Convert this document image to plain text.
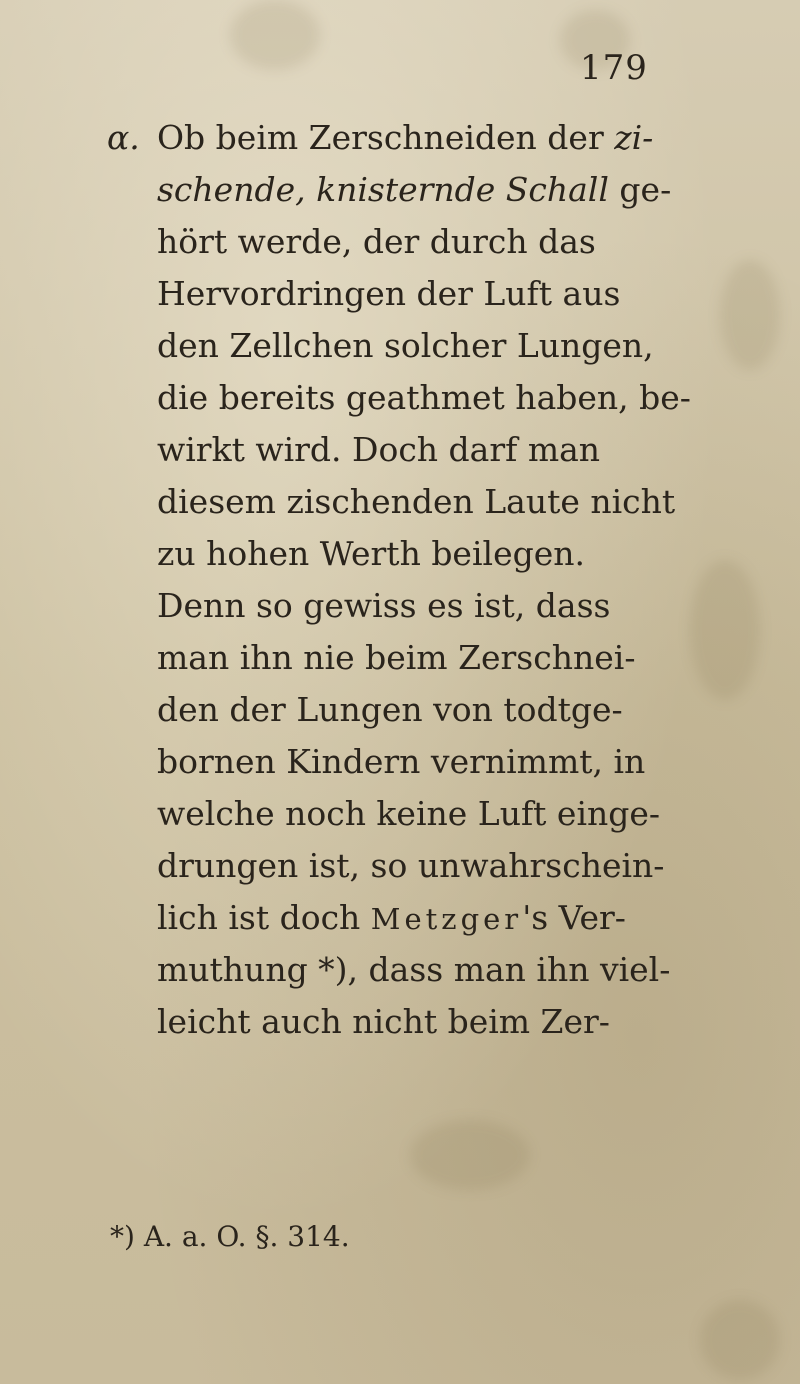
179
α. Ob beim Zerschneiden der zi-
schende, knisternde Schall ge-
hört werde, der durch das
Hervordringen der Luft aus
den Zellchen solcher Lungen,
die bereits geathmet haben, be-
wirkt wird. Doch darf man
diesem zischenden Laute nicht
zu hohen Werth beilegen.
Denn so gewiss es ist, dass
man ihn nie beim Zerschnei-
den der Lungen von todtge-
bornen Kindern vernimmt, in
welche noch keine Luft einge-
drungen ist, so unwahrschein-
lich ist doch Metzger's Ver-
muthung *), dass man ihn viel-
leicht auch nicht beim Zer-
*) A. a. O. §. 314.
